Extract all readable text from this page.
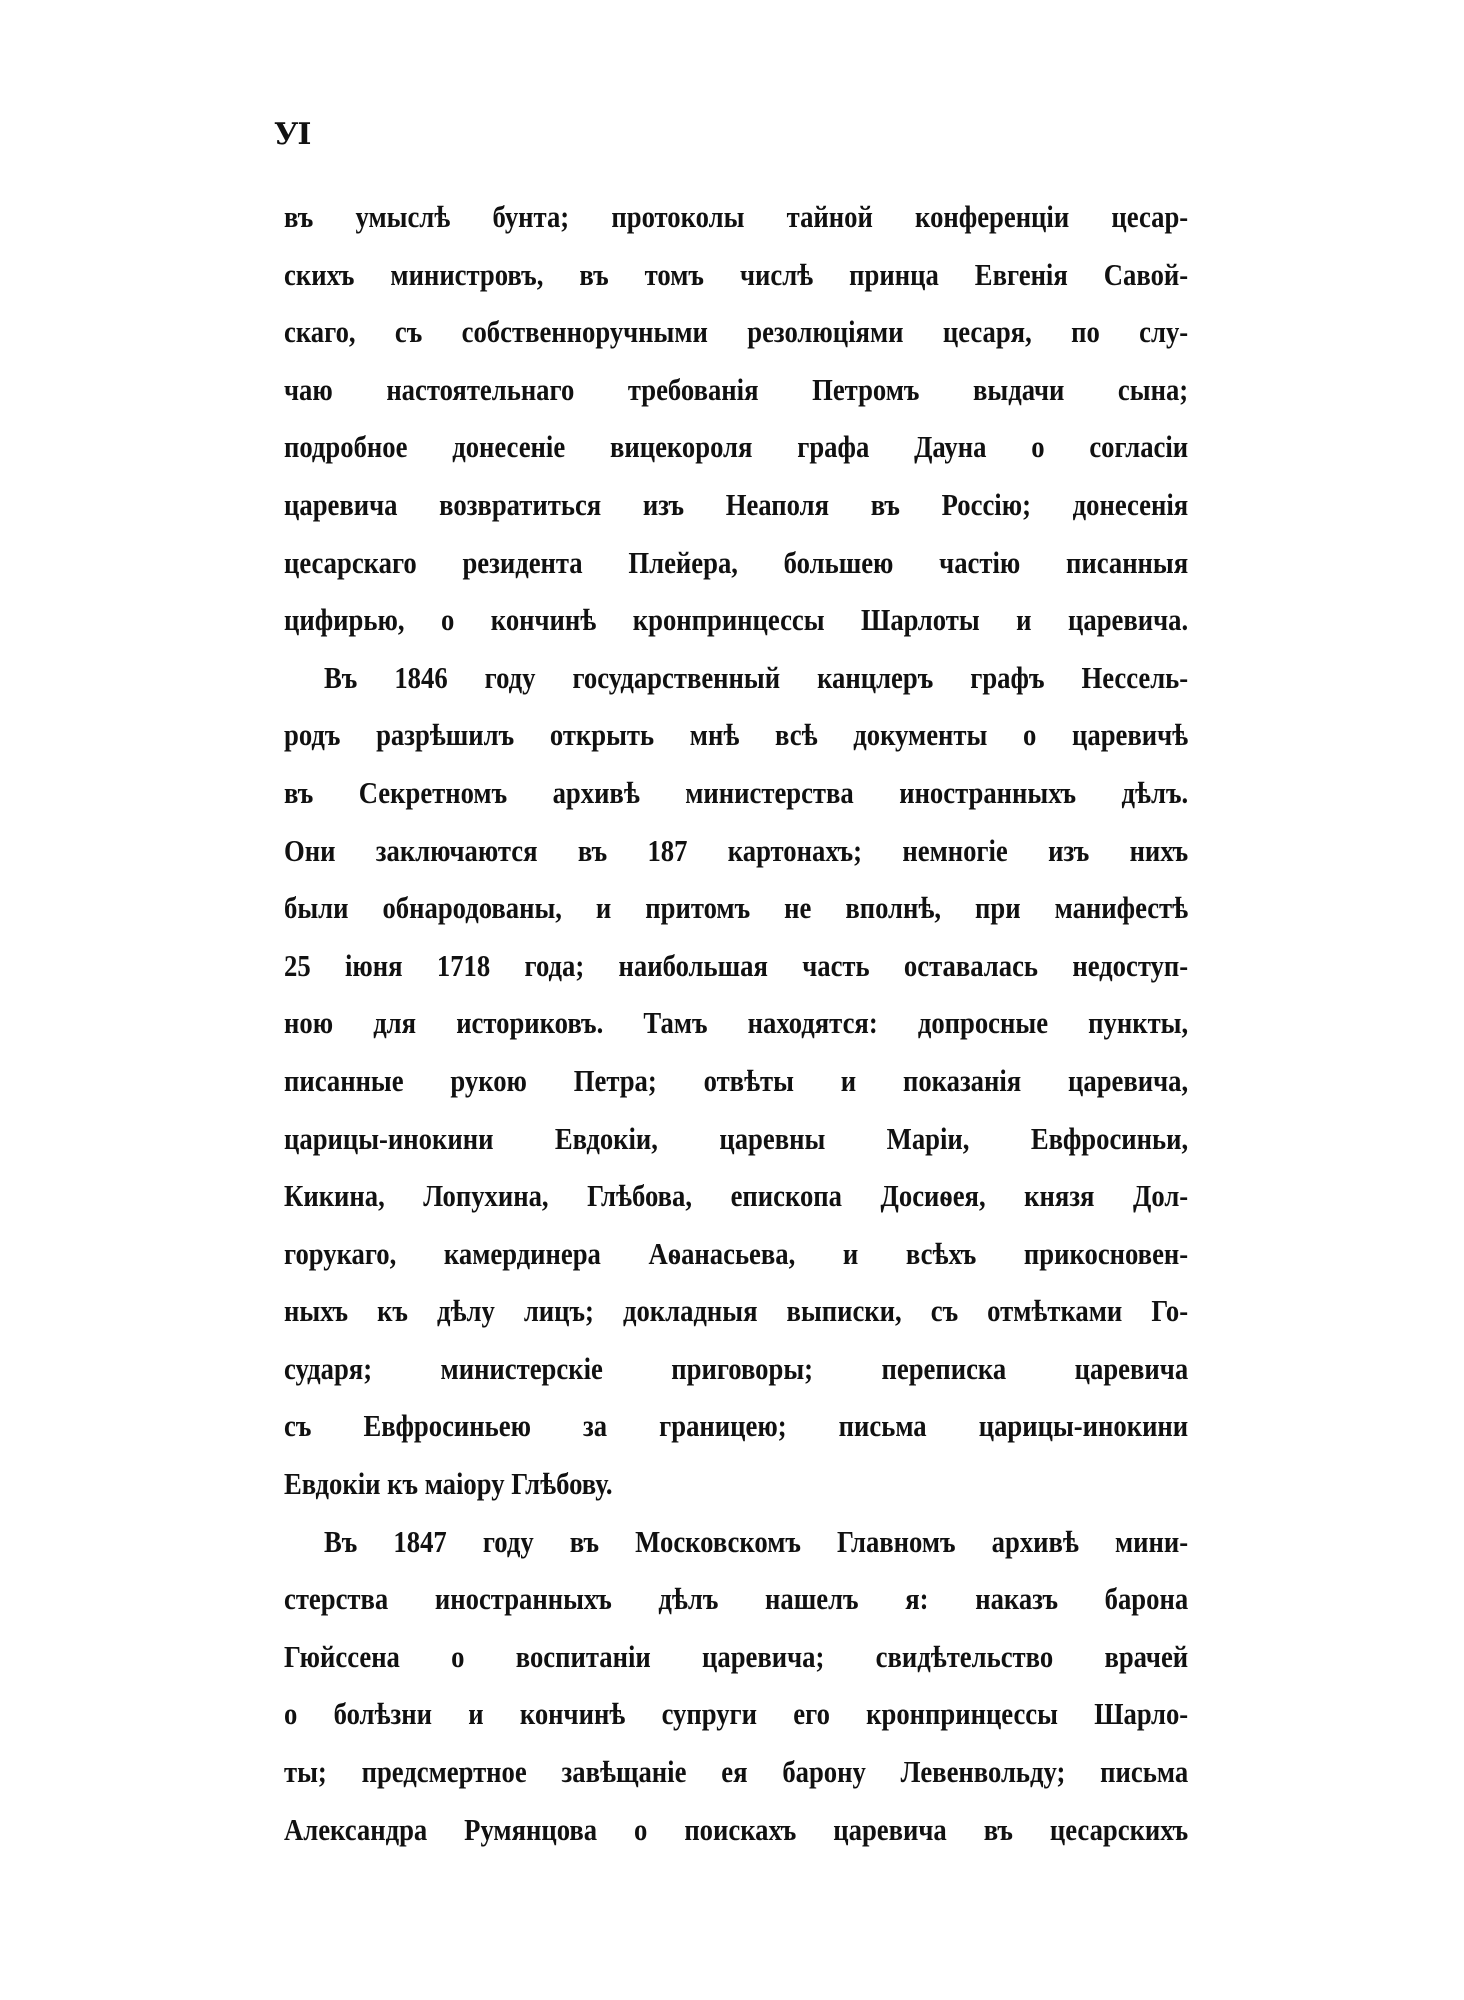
УI
въ умыслѣ бунта; протоколы тайной конференціи цесар-
скихъ министровъ, въ томъ числѣ принца Евгенія Савой-
скаго, съ собственноручными резолюціями цесаря, по слу-
чаю настоятельнаго требованія Петромъ выдачи сына;
подробное донесеніе вицекороля графа Дауна о согласіи
царевича возвратиться изъ Неаполя въ Россію; донесенія
цесарскаго резидента Плейера, большею частію писанныя
цифирью, о кончинѣ кронпринцессы Шарлоты и царевича.
Въ 1846 году государственный канцлеръ графъ Нессель-
родъ разрѣшилъ открыть мнѣ всѣ документы о царевичѣ
въ Секретномъ архивѣ министерства иностранныхъ дѣлъ.
Они заключаются въ 187 картонахъ; немногіе изъ нихъ
были обнародованы, и притомъ не вполнѣ, при манифестѣ
25 іюня 1718 года; наибольшая часть оставалась недоступ-
ною для историковъ. Тамъ находятся: допросные пункты,
писанные рукою Петра; отвѣты и показанія царевича,
царицы-инокини Евдокіи, царевны Маріи, Евфросиньи,
Кикина, Лопухина, Глѣбова, епископа Досиѳея, князя Дол-
горукаго, камердинера Аѳанасьева, и всѣхъ прикосновен-
ныхъ къ дѣлу лицъ; докладныя выписки, съ отмѣтками Го-
сударя; министерскіе приговоры; переписка царевича
съ Евфросиньею за границею; письма царицы-инокини
Евдокіи къ маіору Глѣбову.
Въ 1847 году въ Московскомъ Главномъ архивѣ мини-
стерства иностранныхъ дѣлъ нашелъ я: наказъ барона
Гюйссена о воспитаніи царевича; свидѣтельство врачей
о болѣзни и кончинѣ супруги его кронпринцессы Шарло-
ты; предсмертное завѣщаніе ея барону Левенвольду; письма
Александра Румянцова о поискахъ царевича въ цесарскихъ
